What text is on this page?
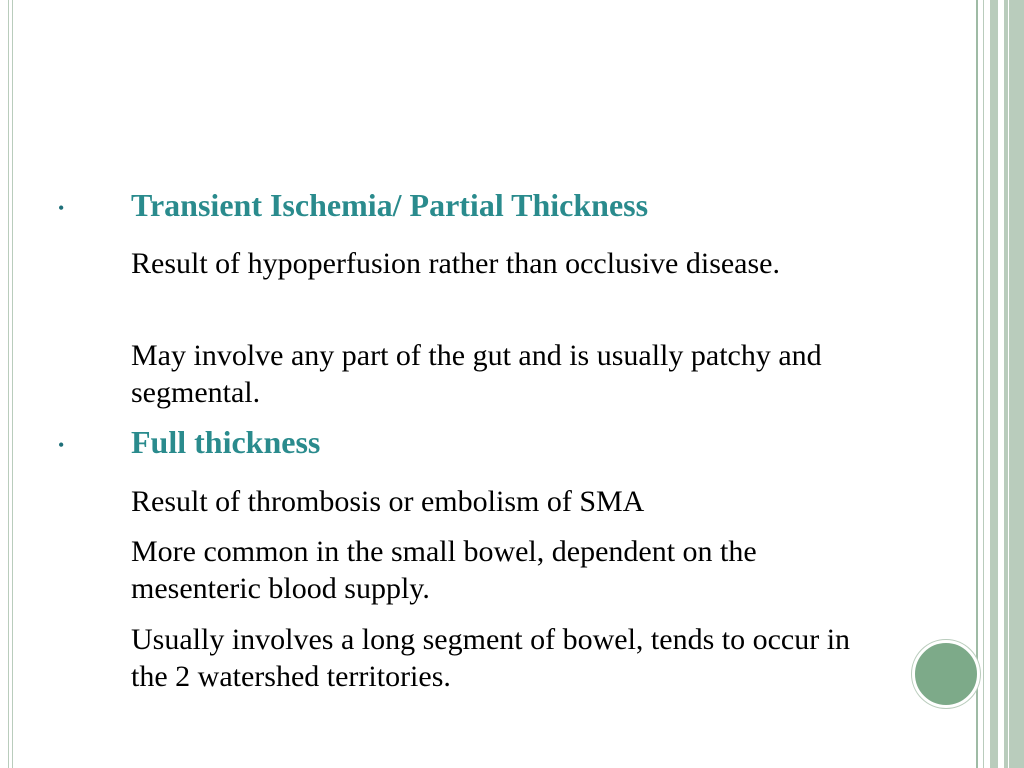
• Transient Ischemia/ Partial Thickness
Result of hypoperfusion rather than occlusive disease.
May involve any part of the gut and is usually patchy and segmental.
• Full thickness
Result of thrombosis or embolism of SMA
More common in the small bowel, dependent on the mesenteric blood supply.
Usually involves a long segment of bowel, tends to occur in the 2 watershed territories.
